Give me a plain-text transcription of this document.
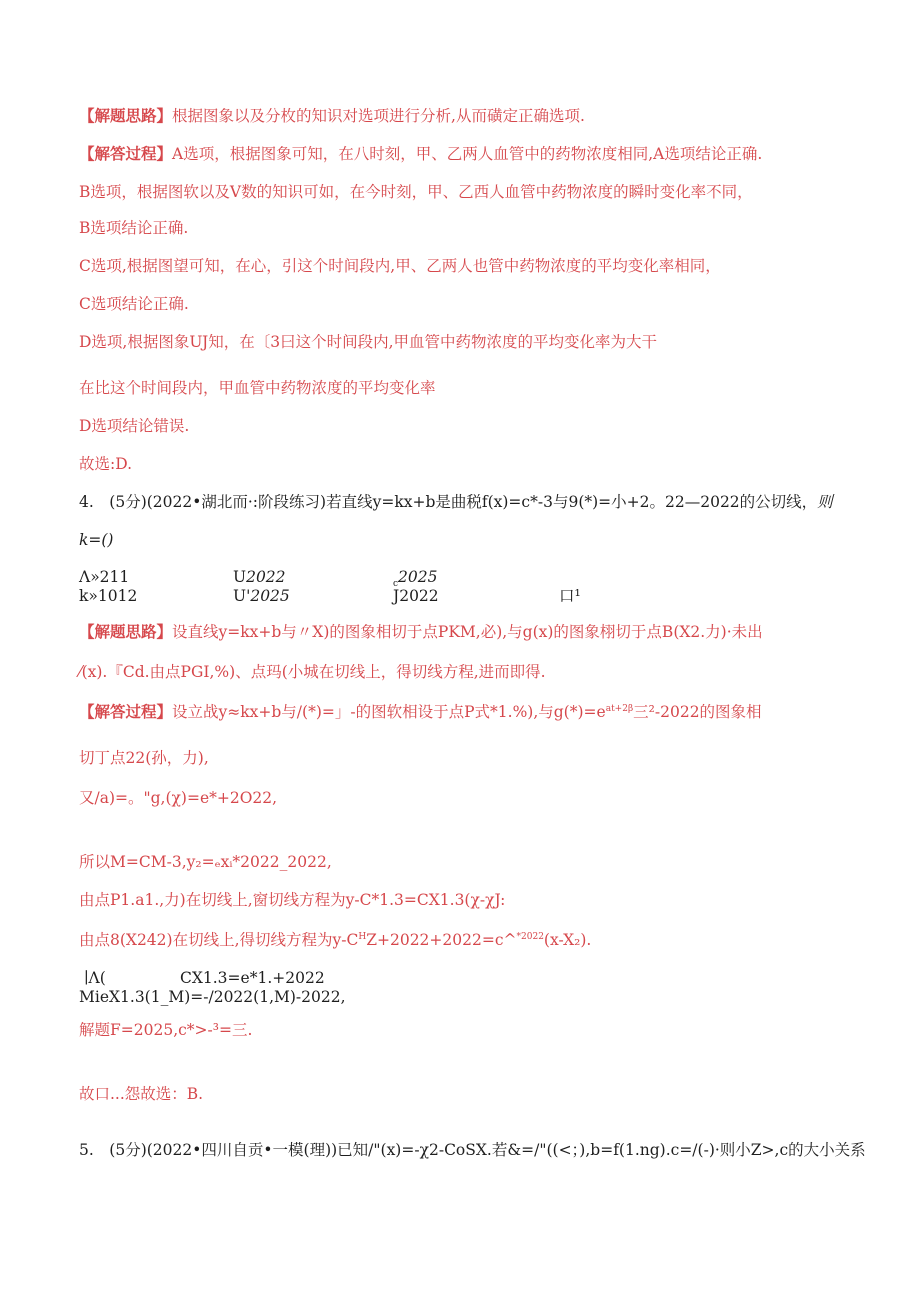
【解题思路】根据图象以及分枚的知识对选项进行分析,从而磺定正确选项.
【解答过程】A选项，根据图象可知，在八时刻，甲、乙两人血管中的药物浓度相同,A选项结论正确.
B选项，根据图软以及V数的知识可如，在今时刻，甲、乙西人血管中药物浓度的瞬时变化率不同，
B选项结论正确.
C选项,根据图望可知，在心，引这个时间段内,甲、乙两人也管中药物浓度的平均变化率相同，
C选项结论正确.
D选项,根据图象UJ知，在〔3曰这个时间段内,甲血管中药物浓度的平均变化率为大干
在比这个时间段内，甲血管中药物浓度的平均变化率
D选项结论错误.
故选:D.
4.　(5分)(2022•湖北而·:阶段练习)若直线y=kx+b是曲税f(x)=c*-3与9(*)=小+2。22—2022的公切线，则
k=()
Λ»211	U2022	$_c$2025
k»1012	U'2025	J2022	口¹
【解题思路】设直线y=kx+b与〃X)的图象相切于点PKM,必),与g(x)的图象栩切于点B(X2.力)·未出
⁄(x).『Cd.由点PGI,%)、点玛(小城在切线上，得切线方程,进而即得.
【解答过程】设立战y≈kx+b与/(*)=」-的图软相设于点P式*1.%),与$g(*)=e^{at+2\beta}$三²-2022的图象相
切丁点22(孙，力),
又/a)=。"g,(χ)=e*+2O22,
所以M=CM-3,y₂=ₑxᵢ*2022_2022,
由点P1.a1.,力)在切线上,窗切线方程为y-C*1.3=CX1.3(χ-χJ:
由点8(X242)在切线上,得切线方程为$y-C^HZ+2022+2022=c\^{}^{*2022}(x-X_2)$.
∣Λ(	CX1.3=e*1.+2022
MieX1.3(1_M)=-/2022(1,M)-2022,
解题F=2025,c*>-³=三.
故口...怨故选：B.
5.　(5分)(2022•四川自贡•一模(理))已知/"(x)=-χ2-CoSX.若&=/"((<；),b=f(1.ng).c=/(-)·则小Z>,c的大小关系
